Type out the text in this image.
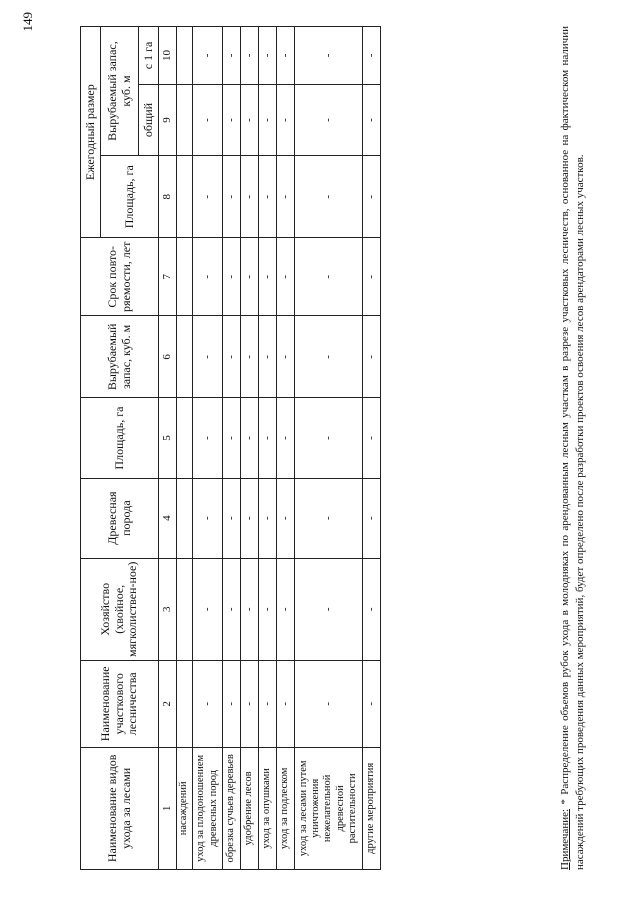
149
Наименование видов ухода за лесами	Наименование участкового лесничества	Хозяйство (хвойное, мягколиствен-ное)	Древесная порода	Площадь, га	Вырубаемый запас, куб. м	Срок повто-ряемости, лет	Ежегодный размер		
							Площадь, га	Вырубаемый запас, куб. м	
								общий	с 1 га
1	2	3	4	5	6	7	8	9	10
насаждений									
уход за плодоношением древесных пород	-	-	-	-	-	-	-	-	-
обрезка сучьев деревьев	-	-	-	-	-	-	-	-	-
удобрение лесов	-	-	-	-	-	-	-	-	-
уход за опушками	-	-	-	-	-	-	-	-	-
уход за подлеском	-	-	-	-	-	-	-	-	-
уход за лесами путем уничтожения нежелательной древесной растительности	-	-	-	-	-	-	-	-	-
другие мероприятия	-	-	-	-	-	-	-	-	-
Примечание: * Распределение объемов рубок ухода в молодняках по арендованным лесным участкам в разрезе участковых лесничеств, основанное на фактическом наличии насаждений требующих проведения данных мероприятий, будет определено после разработки проектов освоения лесов арендаторами лесных участков.
